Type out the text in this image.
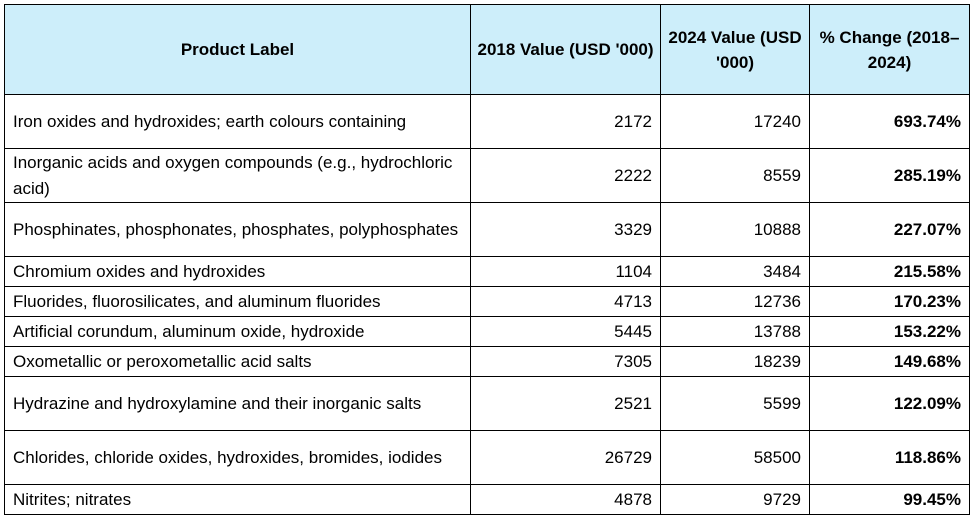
Product Label	2018 Value (USD '000)	2024 Value (USD '000)	% Change (2018–2024)
Iron oxides and hydroxides; earth colours containing	2172	17240	693.74%
Inorganic acids and oxygen compounds (e.g., hydrochloric acid)	2222	8559	285.19%
Phosphinates, phosphonates, phosphates, polyphosphates	3329	10888	227.07%
Chromium oxides and hydroxides	1104	3484	215.58%
Fluorides, fluorosilicates, and aluminum fluorides	4713	12736	170.23%
Artificial corundum, aluminum oxide, hydroxide	5445	13788	153.22%
Oxometallic or peroxometallic acid salts	7305	18239	149.68%
Hydrazine and hydroxylamine and their inorganic salts	2521	5599	122.09%
Chlorides, chloride oxides, hydroxides, bromides, iodides	26729	58500	118.86%
Nitrites; nitrates	4878	9729	99.45%
